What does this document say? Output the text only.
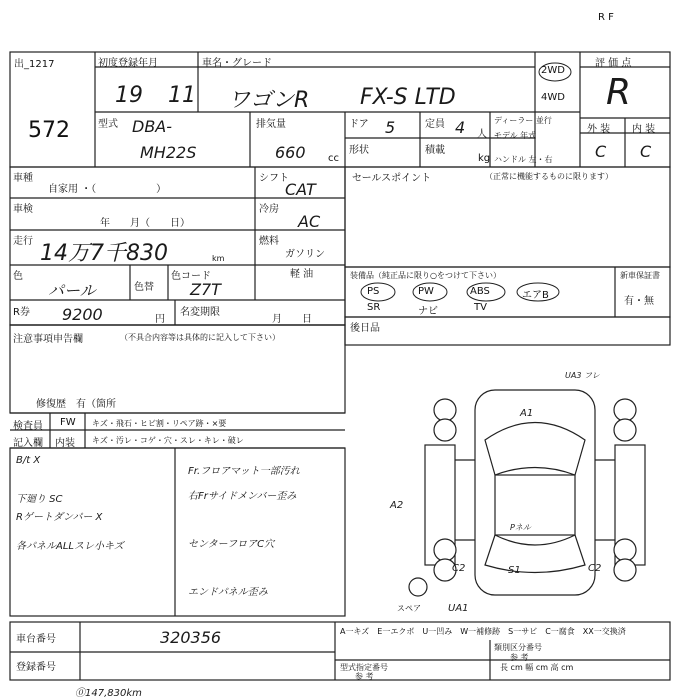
R F
出_1217	初度登録年月	車名・グレード
572
19 11 ワゴンR FX-S LTD
2WD
4WD
評 価 点
R
外 装 内 装
C C
型式 DBA-
MH22S
排気量
660 cc
ドア 5	定員 4 人
ディーラー 並行
モデル 年式
形状	積載
kg ハンドル 左・右
車種
自家用 ・（　　　　　　）
シフト
CAT
セールスポイント	（正常に機能するものに限ります）
車検
年　　月（　　日）
冷房
AC
走行 14万7千830	km
燃料
ガソリン
軽 油
色
パール	色替
色コード
Z7T
装備品（純正品に限り○をつけて下さい）
PS	PW	ABS	エアB
SR	ナビ	TV
新車保証書
有・無
後日品
R券 9200	円
名変期限
月　　日
注意事項申告欄	（不具合内容等は具体的に記入して下さい）
修復歴　有（箇所
検査員 FW キズ・飛石・ヒビ割・リペア跡・×要
記入欄 内装 キズ・汚レ・コゲ・穴・スレ・キレ・破レ
B/t X
下廻り SC
Rゲートダンパー X
各パネルALLスレ小キズ
Fr.フロアマット一部汚れ
右Frサイドメンバー歪み
センターフロアC穴
エンドパネル歪み
UA3 フレ
A1
A2
Pネル
C2	S1	C2
UA1
スペア
車台番号	320356
登録番号
A一キズ　E一エクボ　U一凹み　W一補修跡　S一サビ　C一腐食　XX一交換済
類別区分番号
参 考
型式指定番号
参 考
長 cm 幅 cm 高 cm
⓪147,830km
